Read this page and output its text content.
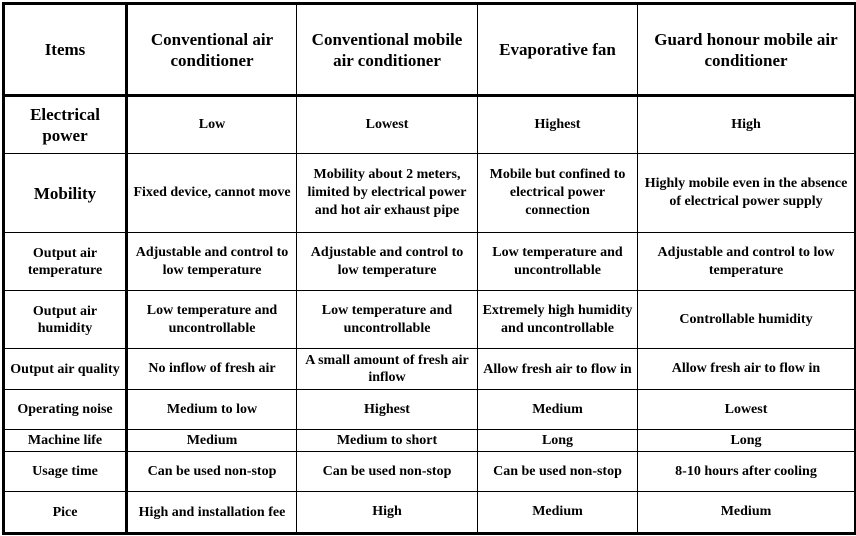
Items	Conventional air conditioner	Conventional mobile air conditioner	Evaporative fan	Guard honour mobile air conditioner
Electrical power	Low	Lowest	Highest	High
Mobility	Fixed device, cannot move	Mobility about 2 meters, limited by electrical power and hot air exhaust pipe	Mobile but confined to electrical power connection	Highly mobile even in the absence of electrical power supply
Output air temperature	Adjustable and control to low temperature	Adjustable and control to low temperature	Low temperature and uncontrollable	Adjustable and control to low temperature
Output air humidity	Low temperature and uncontrollable	Low temperature and uncontrollable	Extremely high humidity and uncontrollable	Controllable humidity
Output air quality	No inflow of fresh air	A small amount of fresh air inflow	Allow fresh air to flow in	Allow fresh air to flow in
Operating noise	Medium to low	Highest	Medium	Lowest
Machine life	Medium	Medium to short	Long	Long
Usage time	Can be used non-stop	Can be used non-stop	Can be used non-stop	8-10 hours after cooling
Pice	High and installation fee	High	Medium	Medium
